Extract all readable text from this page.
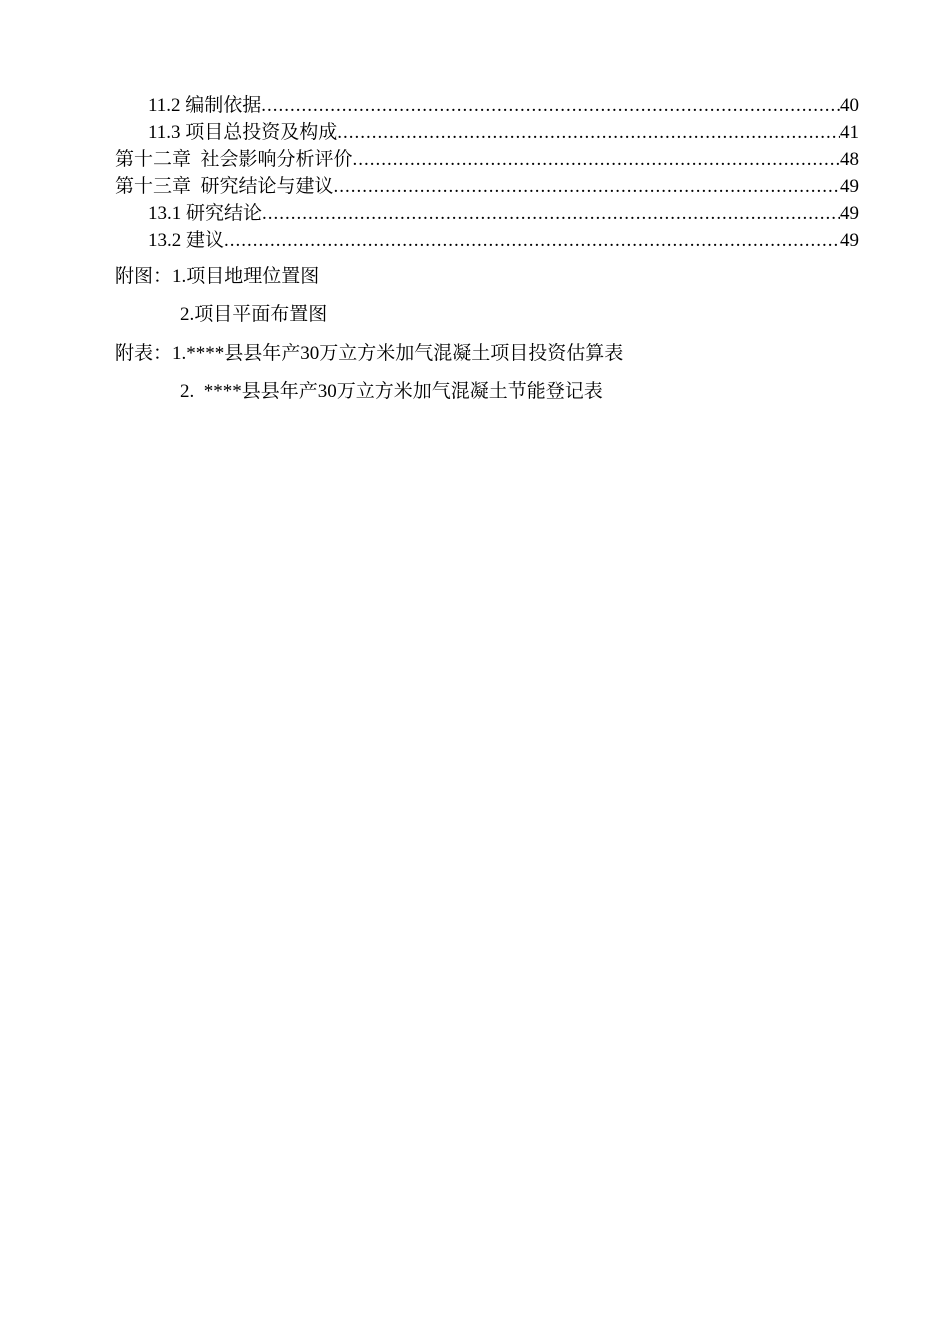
11.2 编制依据 .....	40
11.3 项目总投资及构成 .....	41
第十二章  社会影响分析评价 .....	48
第十三章  研究结论与建议 .....	49
13.1 研究结论 .....	49
13.2 建议 .....	49
附图：1.项目地理位置图
2.项目平面布置图
附表：1.****县县年产30万立方米加气混凝土项目投资估算表
2.  ****县县年产30万立方米加气混凝土节能登记表
